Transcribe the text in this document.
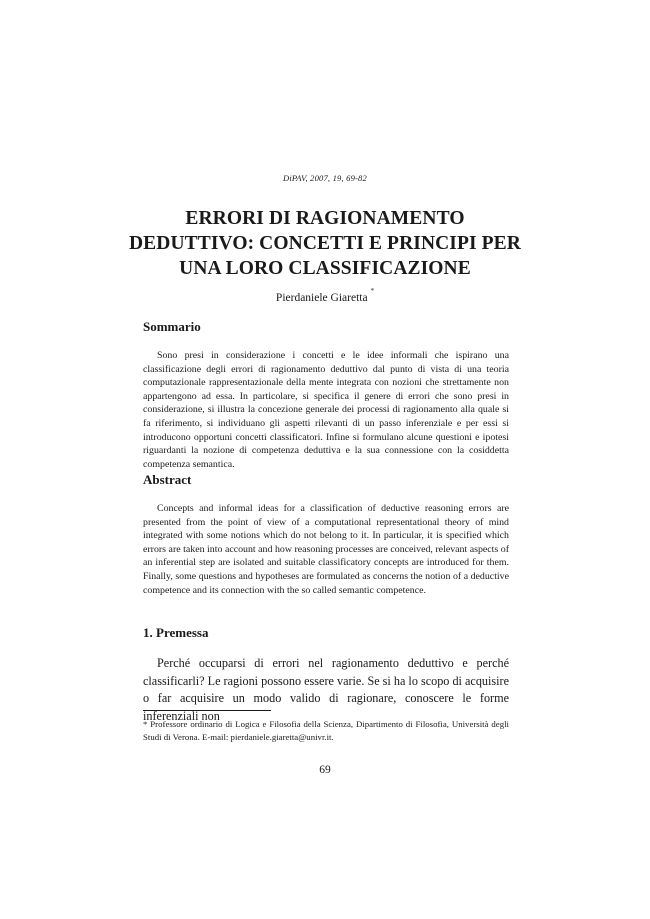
DiPAV, 2007, 19, 69-82
ERRORI DI RAGIONAMENTO
DEDUTTIVO: CONCETTI E PRINCIPI PER
UNA LORO CLASSIFICAZIONE
Pierdaniele Giaretta*
Sommario

Sono presi in considerazione i concetti e le idee informali che ispirano una classificazione degli errori di ragionamento deduttivo dal punto di vista di una teoria computazionale rappresentazionale della mente integrata con nozioni che strettamente non appartengono ad essa. In particolare, si specifica il genere di errori che sono presi in considerazione, si illustra la concezione generale dei processi di ragionamento alla quale si fa riferimento, si individuano gli aspetti rilevanti di un passo inferenziale e per essi si introducono opportuni concetti classificatori. Infine si formulano alcune questioni e ipotesi riguardanti la nozione di competenza deduttiva e la sua connessione con la cosiddetta competenza semantica.

Abstract

Concepts and informal ideas for a classification of deductive reasoning errors are presented from the point of view of a computational representational theory of mind integrated with some notions which do not belong to it. In particular, it is specified which errors are taken into account and how reasoning processes are conceived, relevant aspects of an inferential step are isolated and suitable classificatory concepts are introduced for them. Finally, some questions and hypotheses are formulated as concerns the notion of a deductive competence and its connection with the so called semantic competence.

1. Premessa

Perché occuparsi di errori nel ragionamento deduttivo e perché classificarli? Le ragioni possono essere varie. Se si ha lo scopo di acquisire o far acquisire un modo valido di ragionare, conoscere le forme inferenziali non

* Professore ordinario di Logica e Filosofia della Scienza, Dipartimento di Filosofia, Università degli Studi di Verona. E-mail: pierdaniele.giaretta@univr.it.

69
